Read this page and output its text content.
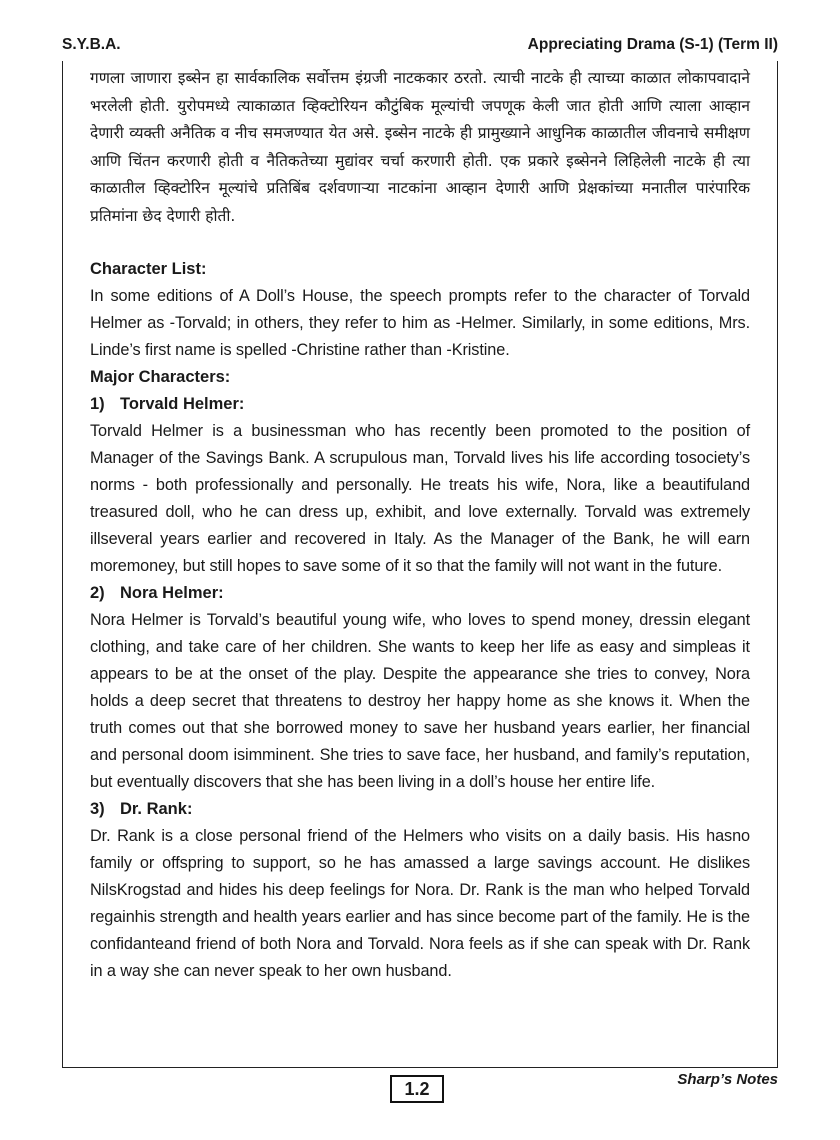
S.Y.B.A.	Appreciating Drama (S-1) (Term II)

गणला जाणारा इब्सेन हा सार्वकालिक सर्वोत्तम इंग्रजी नाटककार ठरतो. त्याची नाटके ही त्याच्या काळात लोकापवादाने भरलेली होती. युरोपमध्ये त्याकाळात व्हिक्टोरियन कौटुंबिक मूल्यांची जपणूक केली जात होती आणि त्याला आव्हान देणारी व्यक्ती अनैतिक व नीच समजण्यात येत असे. इब्सेन नाटके ही प्रामुख्याने आधुनिक काळातील जीवनाचे समीक्षण आणि चिंतन करणारी होती व नैतिकतेच्या मुद्यांवर चर्चा करणारी होती. एक प्रकारे इब्सेनने लिहिलेली नाटके ही त्या काळातील व्हिक्टोरिन मूल्यांचे प्रतिबिंब दर्शवणाऱ्या नाटकांना आव्हान देणारी आणि प्रेक्षकांच्या मनातील पारंपारिक प्रतिमांना छेद देणारी होती.

Character List:

In some editions of A Doll’s House, the speech prompts refer to the character of Torvald Helmer as -Torvald; in others, they refer to him as -Helmer. Similarly, in some editions, Mrs. Linde’s first name is spelled -Christine rather than -Kristine.

Major Characters:

1) Torvald Helmer:

Torvald Helmer is a businessman who has recently been promoted to the position of Manager of the Savings Bank. A scrupulous man, Torvald lives his life according tosociety’s norms - both professionally and personally. He treats his wife, Nora, like a beautifuland treasured doll, who he can dress up, exhibit, and love externally. Torvald was extremely illseveral years earlier and recovered in Italy. As the Manager of the Bank, he will earn moremoney, but still hopes to save some of it so that the family will not want in the future.

2) Nora Helmer:

Nora Helmer is Torvald’s beautiful young wife, who loves to spend money, dressin elegant clothing, and take care of her children. She wants to keep her life as easy and simpleas it appears to be at the onset of the play. Despite the appearance she tries to convey, Nora holds a deep secret that threatens to destroy her happy home as she knows it. When the truth comes out that she borrowed money to save her husband years earlier, her financial and personal doom isimminent. She tries to save face, her husband, and family’s reputation, but eventually discovers that she has been living in a doll’s house her entire life.

3) Dr. Rank:

Dr. Rank is a close personal friend of the Helmers who visits on a daily basis. His hasno family or offspring to support, so he has amassed a large savings account. He dislikes NilsKrogstad and hides his deep feelings for Nora. Dr. Rank is the man who helped Torvald regainhis strength and health years earlier and has since become part of the family. He is the confidanteand friend of both Nora and Torvald. Nora feels as if she can speak with Dr. Rank in a way she can never speak to her own husband.

1.2	Sharp’s Notes
